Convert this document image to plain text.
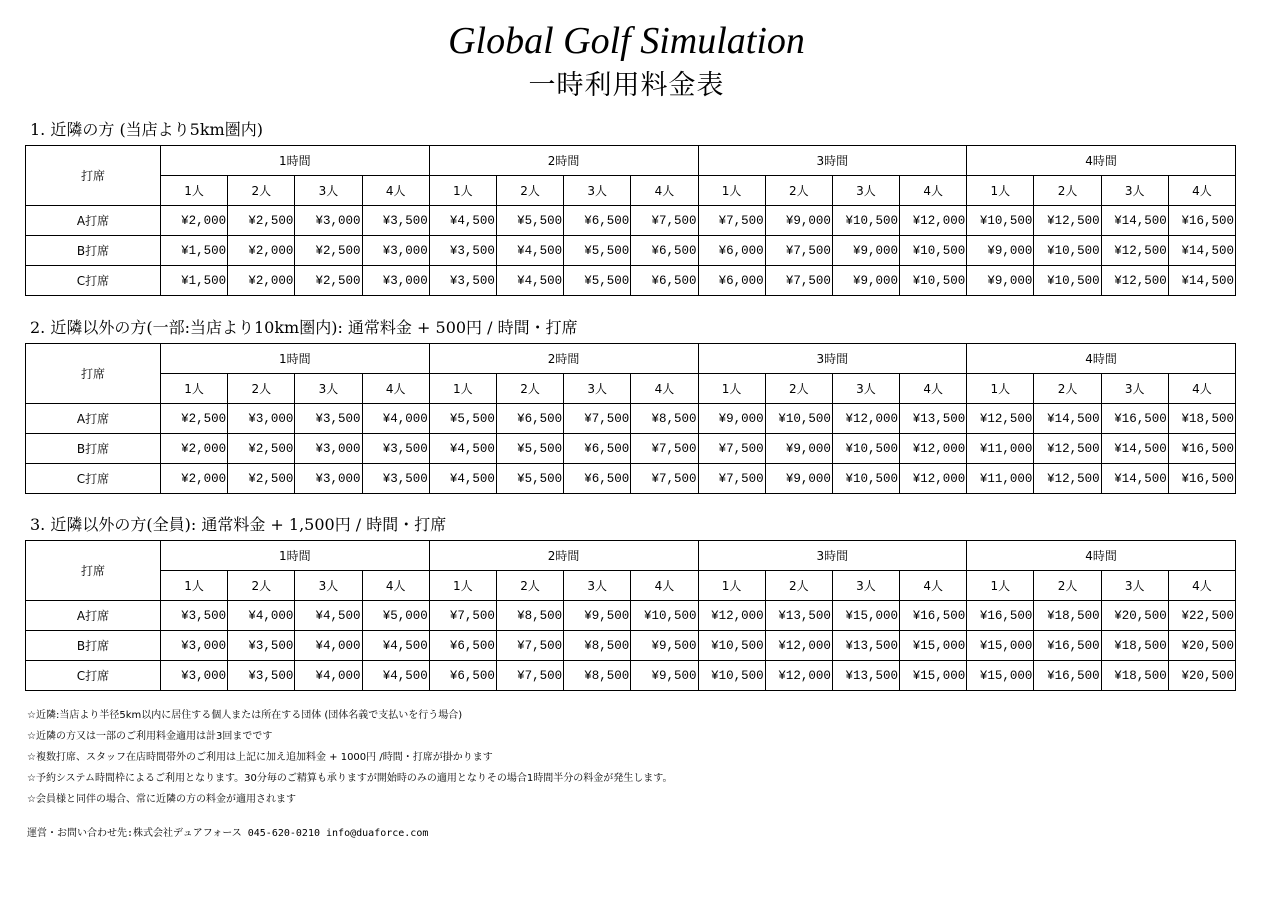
Global Golf Simulation
一時利用料金表
1. 近隣の方 (当店より5km圏内)
打席	1時間				2時間				3時間				4時間			
	1人	2人	3人	4人	1人	2人	3人	4人	1人	2人	3人	4人	1人	2人	3人	4人
A打席	¥2,000	¥2,500	¥3,000	¥3,500	¥4,500	¥5,500	¥6,500	¥7,500	¥7,500	¥9,000	¥10,500	¥12,000	¥10,500	¥12,500	¥14,500	¥16,500
B打席	¥1,500	¥2,000	¥2,500	¥3,000	¥3,500	¥4,500	¥5,500	¥6,500	¥6,000	¥7,500	¥9,000	¥10,500	¥9,000	¥10,500	¥12,500	¥14,500
C打席	¥1,500	¥2,000	¥2,500	¥3,000	¥3,500	¥4,500	¥5,500	¥6,500	¥6,000	¥7,500	¥9,000	¥10,500	¥9,000	¥10,500	¥12,500	¥14,500
2. 近隣以外の方(一部:当店より10km圏内): 通常料金 + 500円 / 時間・打席
打席	1時間				2時間				3時間				4時間			
	1人	2人	3人	4人	1人	2人	3人	4人	1人	2人	3人	4人	1人	2人	3人	4人
A打席	¥2,500	¥3,000	¥3,500	¥4,000	¥5,500	¥6,500	¥7,500	¥8,500	¥9,000	¥10,500	¥12,000	¥13,500	¥12,500	¥14,500	¥16,500	¥18,500
B打席	¥2,000	¥2,500	¥3,000	¥3,500	¥4,500	¥5,500	¥6,500	¥7,500	¥7,500	¥9,000	¥10,500	¥12,000	¥11,000	¥12,500	¥14,500	¥16,500
C打席	¥2,000	¥2,500	¥3,000	¥3,500	¥4,500	¥5,500	¥6,500	¥7,500	¥7,500	¥9,000	¥10,500	¥12,000	¥11,000	¥12,500	¥14,500	¥16,500
3. 近隣以外の方(全員): 通常料金 + 1,500円 / 時間・打席
打席	1時間				2時間				3時間				4時間			
	1人	2人	3人	4人	1人	2人	3人	4人	1人	2人	3人	4人	1人	2人	3人	4人
A打席	¥3,500	¥4,000	¥4,500	¥5,000	¥7,500	¥8,500	¥9,500	¥10,500	¥12,000	¥13,500	¥15,000	¥16,500	¥16,500	¥18,500	¥20,500	¥22,500
B打席	¥3,000	¥3,500	¥4,000	¥4,500	¥6,500	¥7,500	¥8,500	¥9,500	¥10,500	¥12,000	¥13,500	¥15,000	¥15,000	¥16,500	¥18,500	¥20,500
C打席	¥3,000	¥3,500	¥4,000	¥4,500	¥6,500	¥7,500	¥8,500	¥9,500	¥10,500	¥12,000	¥13,500	¥15,000	¥15,000	¥16,500	¥18,500	¥20,500
☆近隣:当店より半径5km以内に居住する個人または所在する団体 (団体名義で支払いを行う場合)
☆近隣の方又は一部のご利用料金適用は計3回までです
☆複数打席、スタッフ在店時間帯外のご利用は上記に加え追加料金 + 1000円 /時間・打席が掛かります
☆予約システム時間枠によるご利用となります。30分毎のご精算も承りますが開始時のみの適用となりその場合1時間半分の料金が発生します。
☆会員様と同伴の場合、常に近隣の方の料金が適用されます
運営・お問い合わせ先:株式会社デュアフォース 045-620-0210 info@duaforce.com
